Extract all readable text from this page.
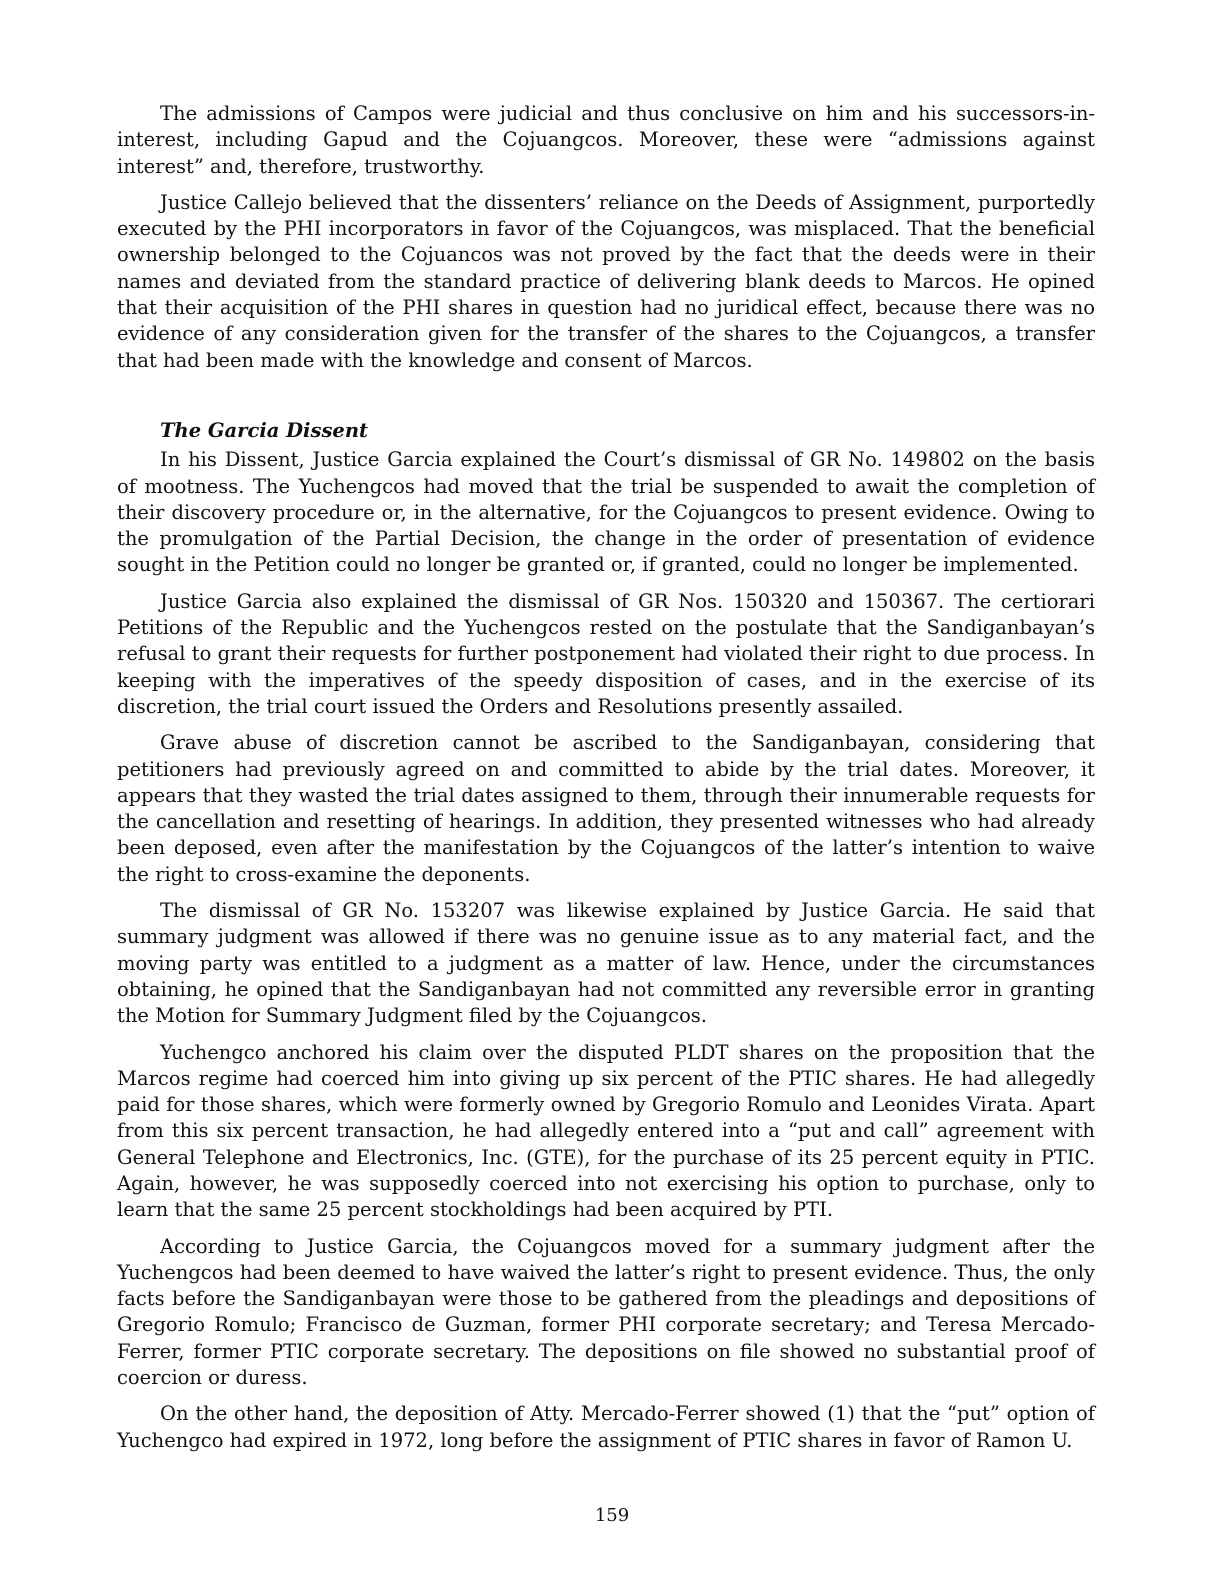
The admissions of Campos were judicial and thus conclusive on him and his successors-in-interest, including Gapud and the Cojuangcos. Moreover, these were “admissions against interest” and, therefore, trustworthy.

Justice Callejo believed that the dissenters’ reliance on the Deeds of Assignment, purportedly executed by the PHI incorporators in favor of the Cojuangcos, was misplaced. That the beneficial ownership belonged to the Cojuancos was not proved by the fact that the deeds were in their names and deviated from the standard practice of delivering blank deeds to Marcos. He opined that their acquisition of the PHI shares in question had no juridical effect, because there was no evidence of any consideration given for the transfer of the shares to the Cojuangcos, a transfer that had been made with the knowledge and consent of Marcos.

The Garcia Dissent

In his Dissent, Justice Garcia explained the Court’s dismissal of GR No. 149802 on the basis of mootness. The Yuchengcos had moved that the trial be suspended to await the completion of their discovery procedure or, in the alternative, for the Cojuangcos to present evidence. Owing to the promulgation of the Partial Decision, the change in the order of presentation of evidence sought in the Petition could no longer be granted or, if granted, could no longer be implemented.

Justice Garcia also explained the dismissal of GR Nos. 150320 and 150367. The certiorari Petitions of the Republic and the Yuchengcos rested on the postulate that the Sandiganbayan’s refusal to grant their requests for further postponement had violated their right to due process. In keeping with the imperatives of the speedy disposition of cases, and in the exercise of its discretion, the trial court issued the Orders and Resolutions presently assailed.

Grave abuse of discretion cannot be ascribed to the Sandiganbayan, considering that petitioners had previously agreed on and committed to abide by the trial dates. Moreover, it appears that they wasted the trial dates assigned to them, through their innumerable requests for the cancellation and resetting of hearings. In addition, they presented witnesses who had already been deposed, even after the manifestation by the Cojuangcos of the latter’s intention to waive the right to cross-examine the deponents.

The dismissal of GR No. 153207 was likewise explained by Justice Garcia. He said that summary judgment was allowed if there was no genuine issue as to any material fact, and the moving party was entitled to a judgment as a matter of law. Hence, under the circumstances obtaining, he opined that the Sandiganbayan had not committed any reversible error in granting the Motion for Summary Judgment filed by the Cojuangcos.

Yuchengco anchored his claim over the disputed PLDT shares on the proposition that the Marcos regime had coerced him into giving up six percent of the PTIC shares. He had allegedly paid for those shares, which were formerly owned by Gregorio Romulo and Leonides Virata. Apart from this six percent transaction, he had allegedly entered into a “put and call” agreement with General Telephone and Electronics, Inc. (GTE), for the purchase of its 25 percent equity in PTIC. Again, however, he was supposedly coerced into not exercising his option to purchase, only to learn that the same 25 percent stockholdings had been acquired by PTI.

According to Justice Garcia, the Cojuangcos moved for a summary judgment after the Yuchengcos had been deemed to have waived the latter’s right to present evidence. Thus, the only facts before the Sandiganbayan were those to be gathered from the pleadings and depositions of Gregorio Romulo; Francisco de Guzman, former PHI corporate secretary; and Teresa Mercado-Ferrer, former PTIC corporate secretary. The depositions on file showed no substantial proof of coercion or duress.

On the other hand, the deposition of Atty. Mercado-Ferrer showed (1) that the “put” option of Yuchengco had expired in 1972, long before the assignment of PTIC shares in favor of Ramon U.

159
